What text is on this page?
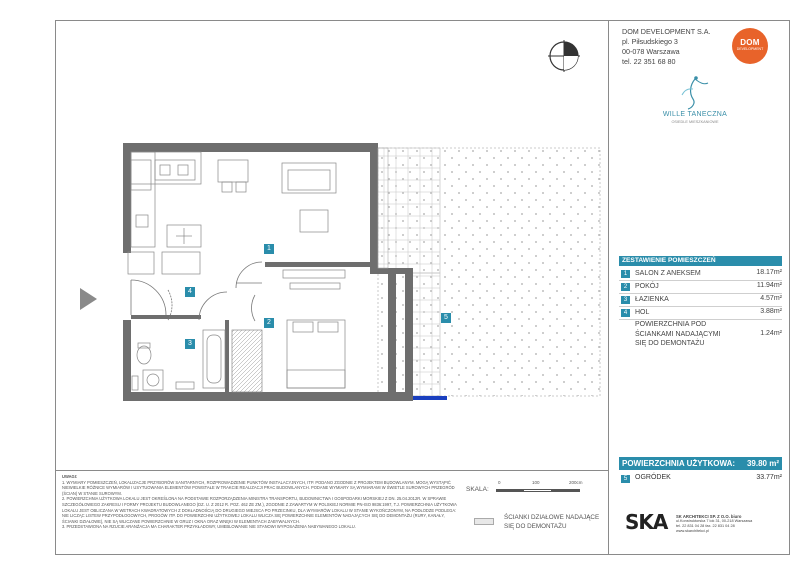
1
2
3
4
5
DOM DEVELOPMENT S.A.
pl. Piłsudskiego 3
00-078 Warszawa
tel. 22 351 68 80
DOM
DEVELOPMENT
WILLE TANECZNA
OSIEDLE MIESZKANIOWE
ZESTAWIENIE POMIESZCZEŃ
1	SALON Z ANEKSEM	18.17m²
2	POKÓJ	11.94m²
3	ŁAZIENKA	4.57m²
4	HOL	3.88m²
POWIERZCHNIA POD ŚCIANKAMI NADAJĄCYMI SIĘ DO DEMONTAŻU
1.24m²
POWIERZCHNIA UŻYTKOWA: 39.80 m²
5	OGRÓDEK	33.77m²
UWAGI:
1. WYMIARY POMIESZCZEŃ, LOKALIZACJE PRZYBORÓW SANITARNYCH, ROZPROWADZENIE PUNKTÓW INSTALACYJNYCH, ITP. PODANO ZGODNIE Z PROJEKTEM BUDOWLANYM. MOGĄ WYSTĄPIĆ NIEWIELKIE RÓŻNICE WYMIARÓW I USYTUOWANIA ELEMENTÓW POWSTAŁE W TRAKCIE REALIZACJI PRAC BUDOWLANYCH. PODANE WYMIARY SĄ WYMIARAMI W ŚWIETLE SUROWYCH PRZEGRÓD (ŚCIAN) W STANIE SUROWYM.
2. POWIERZCHNIA UŻYTKOWA LOKALU JEST OKREŚLONA NA PODSTAWIE ROZPORZĄDZENIA MINISTRA TRANSPORTU, BUDOWNICTWA I GOSPODARKI MORSKIEJ Z DN. 25.04.2012R. W SPRAWIE SZCZEGÓŁOWEGO ZAKRESU I FORMY PROJEKTU BUDOWLANEGO (DZ. U. Z 2012 R. POZ. 462 ZE ZM.), ZGODNIE Z ZAWARTYM W POLSKIEJ NORMIE PN-ISO 9836:1997, T.J. POWIERZCHNIA UŻYTKOWA LOKALU JEST OBLICZANA W WETRACH KWADRATOWYCH Z DOKŁADNOŚCIĄ DO DRUGIEGO MIEJSCA PO PRZECINKU, DLA WYMIARÓW LOKALU W STANIE WYKOŃCZONYM, NA PODŁODZE PODLEGA: NIE LICZĄC LISTEW PRZYPODŁOGOWYCH, PROGÓW ITP. DO POWIERZCHNI UŻYTKOWEJ LOKALU WLICZA SIĘ POWIERZCHNIE ELEMENTÓW NADAJĄCYCH SIĘ DO DEMONTAŻU (RURY, KANAŁY, ŚCIANKI DZIAŁOWE), NIE SĄ WLICZANE POWIERZCHNIE W GRUZ I OKNA ORAZ WNĘKI W ELEMENTACH ZABYWALNYCH.
3. PRZEDSTAWIONA NA RZUCIE ARANŻACJA MA CHARAKTER PRZYKŁADOWY, UMEBLOWANIE NIE STANOWI WYPOSAŻENIA NABYWANEGO LOKALU.
SKALA:
0	100	200cm
ŚCIANKI DZIAŁOWE NADAJĄCE SIĘ DO DEMONTAŻU	SKA SK ARCHITEKCI SP. Z O.O. biuro
ul.Konstruktorska 7 lok 31, 00-218 Warszawa
tel. 22 831 04 28 fax. 22 831 04 28
www.skarchitekci.pl
